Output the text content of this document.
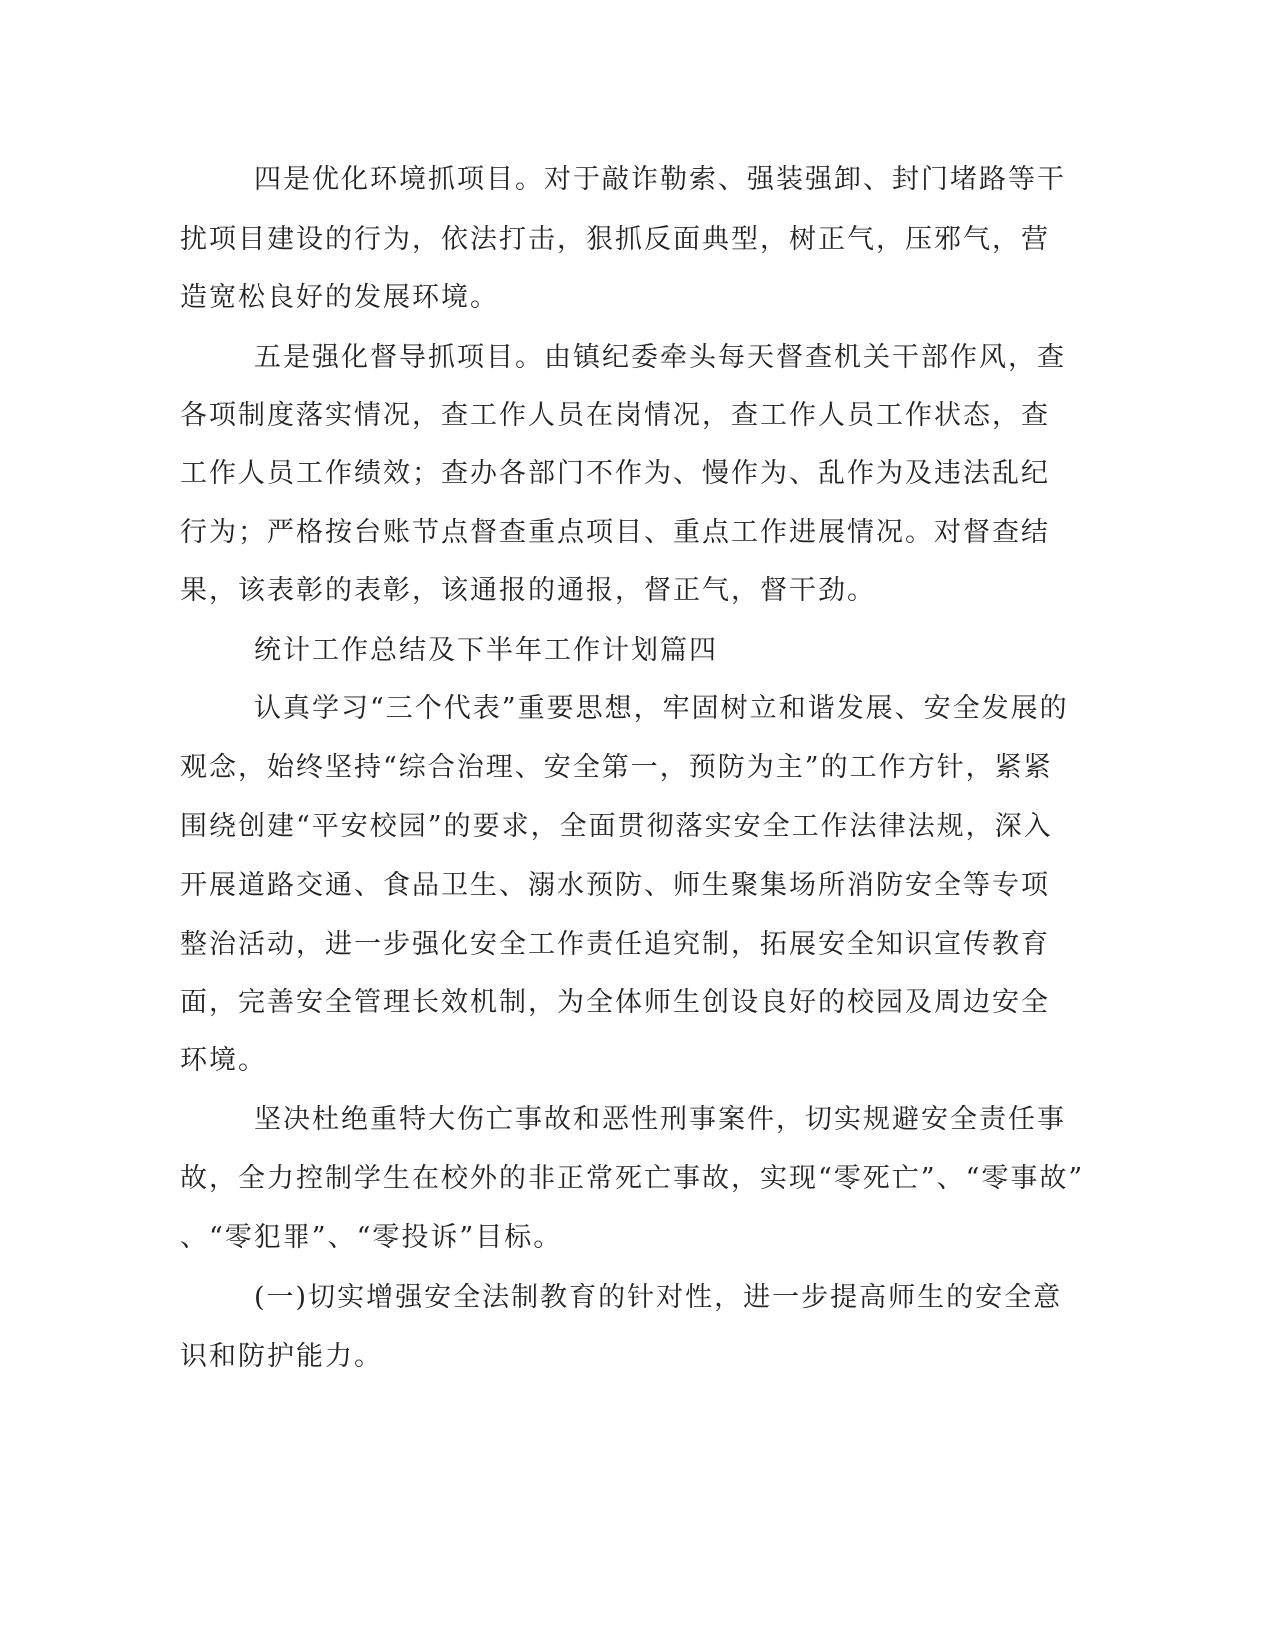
四是优化环境抓项目。对于敲诈勒索、强装强卸、封门堵路等干
扰项目建设的行为，依法打击，狠抓反面典型，树正气，压邪气，营
造宽松良好的发展环境。
五是强化督导抓项目。由镇纪委牵头每天督查机关干部作风，查
各项制度落实情况，查工作人员在岗情况，查工作人员工作状态，查
工作人员工作绩效；查办各部门不作为、慢作为、乱作为及违法乱纪
行为；严格按台账节点督查重点项目、重点工作进展情况。对督查结
果，该表彰的表彰，该通报的通报，督正气，督干劲。
统计工作总结及下半年工作计划篇四
认真学习“三个代表”重要思想，牢固树立和谐发展、安全发展的
观念，始终坚持“综合治理、安全第一，预防为主”的工作方针，紧紧
围绕创建“平安校园”的要求，全面贯彻落实安全工作法律法规，深入
开展道路交通、食品卫生、溺水预防、师生聚集场所消防安全等专项
整治活动，进一步强化安全工作责任追究制，拓展安全知识宣传教育
面，完善安全管理长效机制，为全体师生创设良好的校园及周边安全
环境。
坚决杜绝重特大伤亡事故和恶性刑事案件，切实规避安全责任事
故，全力控制学生在校外的非正常死亡事故，实现“零死亡”、“零事故”
、“零犯罪”、“零投诉”目标。
(一)切实增强安全法制教育的针对性，进一步提高师生的安全意
识和防护能力。
